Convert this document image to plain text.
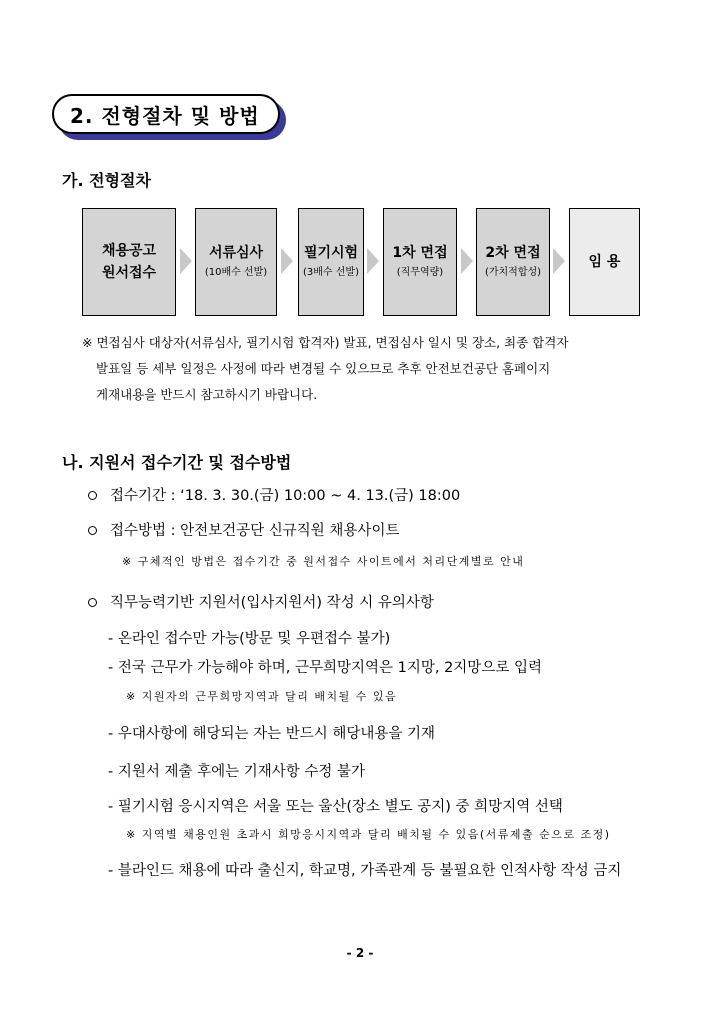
2. 전형절차 및 방법
가. 전형절차
채용공고
원서접수
서류심사
(10배수 선발)
필기시험
(3배수 선발)
1차 면접
(직무역량)
2차 면접
(가치적합성)
임 용
※ 면접심사 대상자(서류심사, 필기시험 합격자) 발표, 면접심사 일시 및 장소, 최종 합격자
발표일 등 세부 일정은 사정에 따라 변경될 수 있으므로 추후 안전보건공단 홈페이지
게재내용을 반드시 참고하시기 바랍니다.
나. 지원서 접수기간 및 접수방법
접수기간 : ‘18. 3. 30.(금) 10:00 ~ 4. 13.(금) 18:00
접수방법 : 안전보건공단 신규직원 채용사이트
※ 구체적인 방법은 접수기간 중 원서접수 사이트에서 처리단계별로 안내
직무능력기반 지원서(입사지원서) 작성 시 유의사항
- 온라인 접수만 가능(방문 및 우편접수 불가)
- 전국 근무가 가능해야 하며, 근무희망지역은 1지망, 2지망으로 입력
※ 지원자의 근무희망지역과 달리 배치될 수 있음
- 우대사항에 해당되는 자는 반드시 해당내용을 기재
- 지원서 제출 후에는 기재사항 수정 불가
- 필기시험 응시지역은 서울 또는 울산(장소 별도 공지) 중 희망지역 선택
※ 지역별 채용인원 초과시 희망응시지역과 달리 배치될 수 있음(서류제출 순으로 조정)
- 블라인드 채용에 따라 출신지, 학교명, 가족관계 등 불필요한 인적사항 작성 금지
- 2 -
